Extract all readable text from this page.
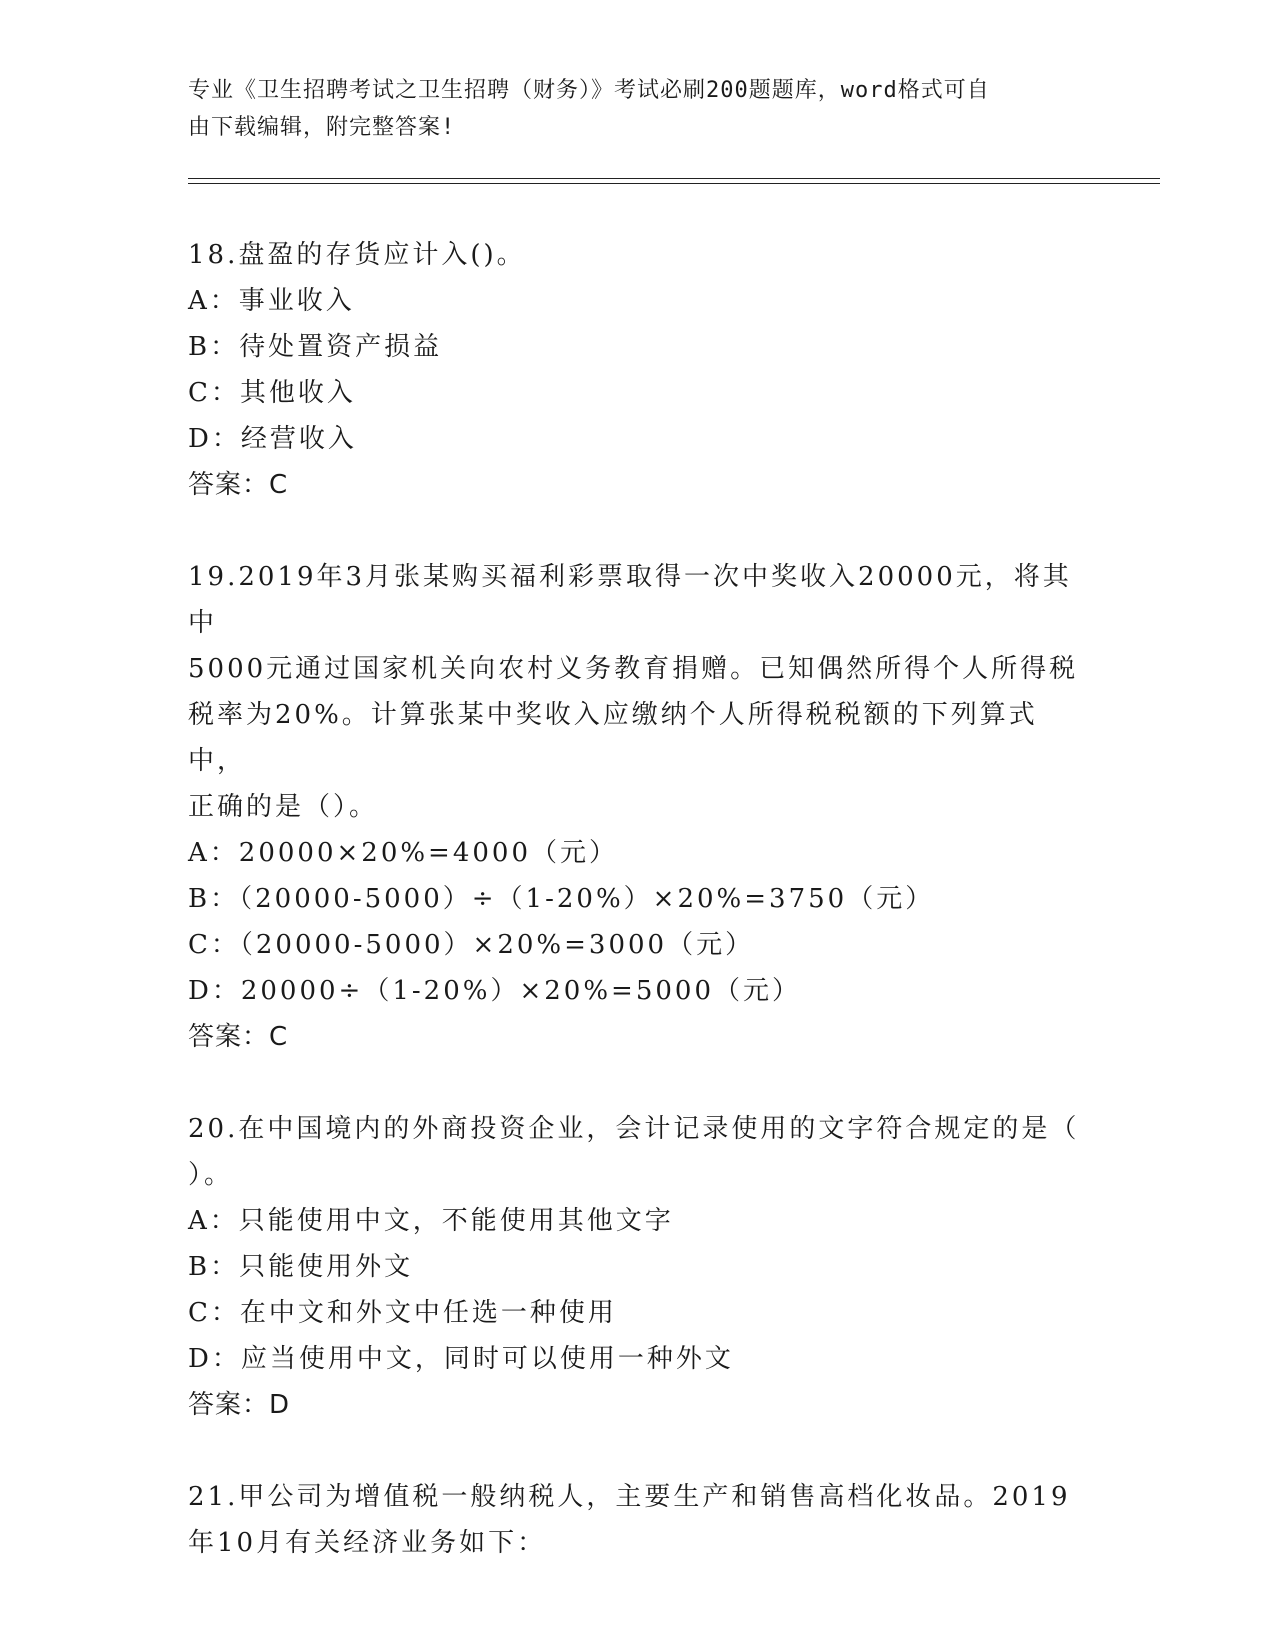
专业《卫生招聘考试之卫生招聘（财务）》考试必刷200题题库，word格式可自
由下载编辑，附完整答案!

18.盘盈的存货应计入()。

A：事业收入

B：待处置资产损益

C：其他收入

D：经营收入

答案：C

19.2019年3月张某购买福利彩票取得一次中奖收入20000元，将其中

5000元通过国家机关向农村义务教育捐赠。已知偶然所得个人所得税

税率为20%。计算张某中奖收入应缴纳个人所得税税额的下列算式中，

正确的是（）。

A：20000×20%=4000（元）

B：（20000-5000）÷（1-20%）×20%=3750（元）

C：（20000-5000）×20%=3000（元）

D：20000÷（1-20%）×20%=5000（元）

答案：C

20.在中国境内的外商投资企业，会计记录使用的文字符合规定的是（

）。

A：只能使用中文，不能使用其他文字

B：只能使用外文

C：在中文和外文中任选一种使用

D：应当使用中文，同时可以使用一种外文

答案：D

21.甲公司为增值税一般纳税人，主要生产和销售高档化妆品。2019

年10月有关经济业务如下：
